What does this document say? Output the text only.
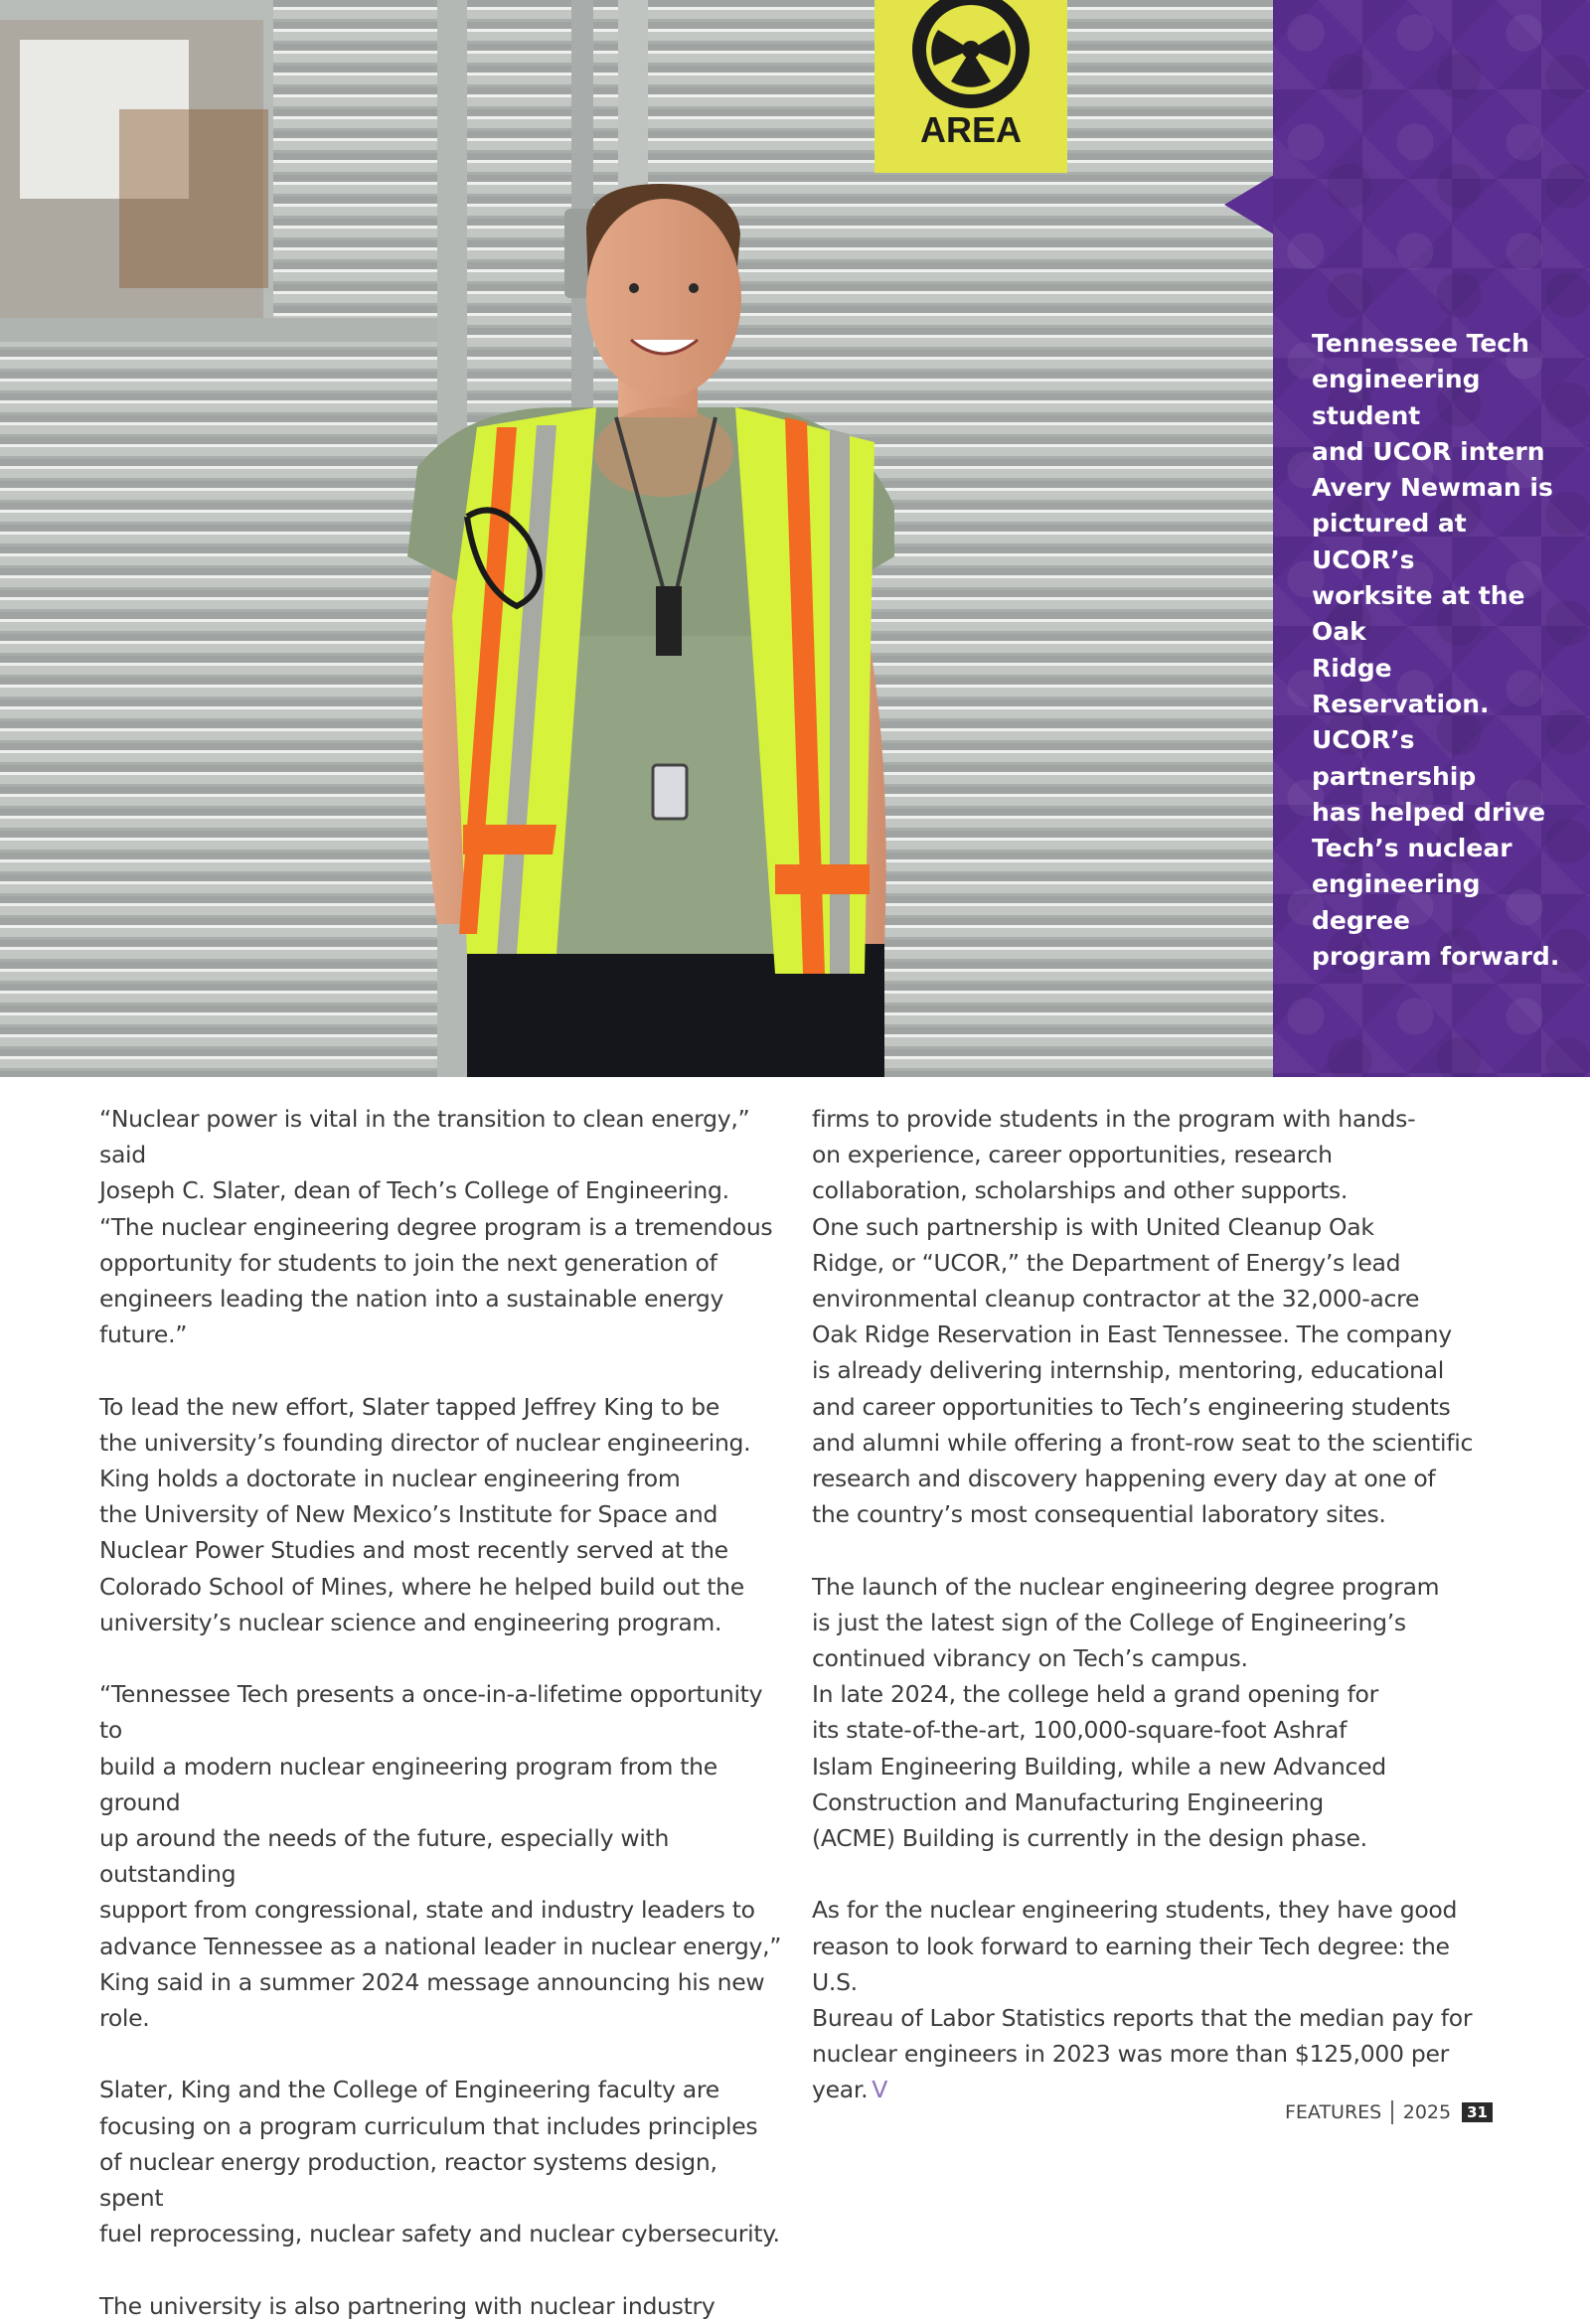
AREA
Tennessee Tech
engineering student
and UCOR intern
Avery Newman is
pictured at UCOR’s
worksite at the Oak
Ridge Reservation.
UCOR’s partnership
has helped drive
Tech’s nuclear
engineering degree
program forward.

“Nuclear power is vital in the transition to clean energy,” said
Joseph C. Slater, dean of Tech’s College of Engineering.
“The nuclear engineering degree program is a tremendous
opportunity for students to join the next generation of
engineers leading the nation into a sustainable energy future.”

To lead the new effort, Slater tapped Jeffrey King to be
the university’s founding director of nuclear engineering.
King holds a doctorate in nuclear engineering from
the University of New Mexico’s Institute for Space and
Nuclear Power Studies and most recently served at the
Colorado School of Mines, where he helped build out the
university’s nuclear science and engineering program.

“Tennessee Tech presents a once-in-a-lifetime opportunity to
build a modern nuclear engineering program from the ground
up around the needs of the future, especially with outstanding
support from congressional, state and industry leaders to
advance Tennessee as a national leader in nuclear energy,”
King said in a summer 2024 message announcing his new role.

Slater, King and the College of Engineering faculty are
focusing on a program curriculum that includes principles
of nuclear energy production, reactor systems design, spent
fuel reprocessing, nuclear safety and nuclear cybersecurity.

The university is also partnering with nuclear industry

firms to provide students in the program with hands-
on experience, career opportunities, research
collaboration, scholarships and other supports.

One such partnership is with United Cleanup Oak
Ridge, or “UCOR,” the Department of Energy’s lead
environmental cleanup contractor at the 32,000-acre
Oak Ridge Reservation in East Tennessee. The company
is already delivering internship, mentoring, educational
and career opportunities to Tech’s engineering students
and alumni while offering a front-row seat to the scientific
research and discovery happening every day at one of
the country’s most consequential laboratory sites.

The launch of the nuclear engineering degree program
is just the latest sign of the College of Engineering’s
continued vibrancy on Tech’s campus.

In late 2024, the college held a grand opening for
its state-of-the-art, 100,000-square-foot Ashraf
Islam Engineering Building, while a new Advanced
Construction and Manufacturing Engineering
(ACME) Building is currently in the design phase.

As for the nuclear engineering students, they have good
reason to look forward to earning their Tech degree: the U.S.
Bureau of Labor Statistics reports that the median pay for
nuclear engineers in 2023 was more than $125,000 per year. V

FEATURES 2025	31
